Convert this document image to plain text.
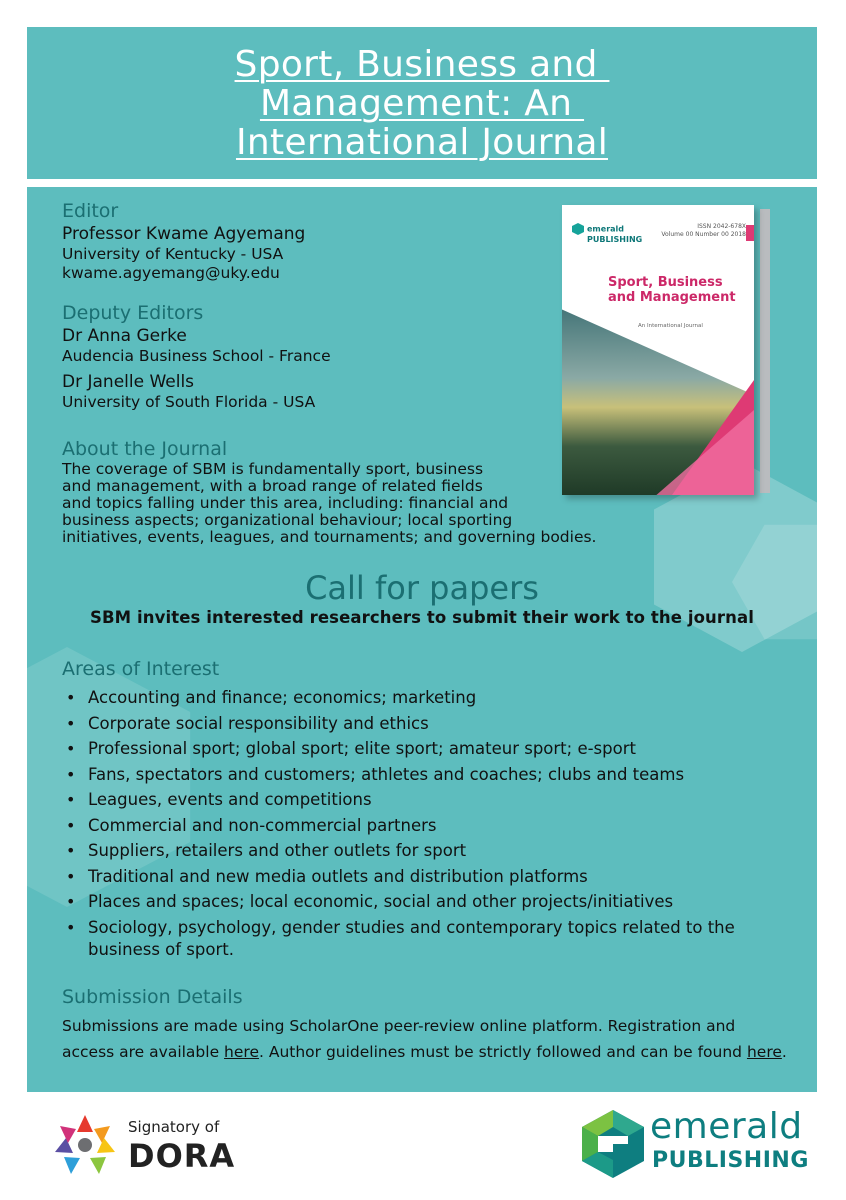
Sport, Business and
Management: An
International Journal
emerald
PUBLISHING
ISSN 2042-678X
Volume 00 Number 00 2018
Sport, Business and Management
An International Journal
Editor

Professor Kwame Agyemang

University of Kentucky - USA

kwame.agyemang@uky.edu

Deputy Editors

Dr Anna Gerke

Audencia Business School - France

Dr Janelle Wells

University of South Florida - USA

About the Journal

The coverage of SBM is fundamentally sport, business

and management, with a broad range of related fields

and topics falling under this area, including: financial and

business aspects; organizational behaviour; local sporting

initiatives, events, leagues, and tournaments; and governing bodies.

Call for papers

SBM invites interested researchers to submit their work to the journal

Areas of Interest
• Accounting and finance; economics; marketing
• Corporate social responsibility and ethics
• Professional sport; global sport; elite sport; amateur sport; e-sport
• Fans, spectators and customers; athletes and coaches; clubs and teams
• Leagues, events and competitions
• Commercial and non-commercial partners
• Suppliers, retailers and other outlets for sport
• Traditional and new media outlets and distribution platforms
• Places and spaces; local economic, social and other projects/initiatives
• Sociology, psychology, gender studies and contemporary topics related to the business of sport.
Submission Details

Submissions are made using ScholarOne peer-review online platform. Registration and access are available here. Author guidelines must be strictly followed and can be found here.

Signatory of
DORA
emerald
PUBLISHING
